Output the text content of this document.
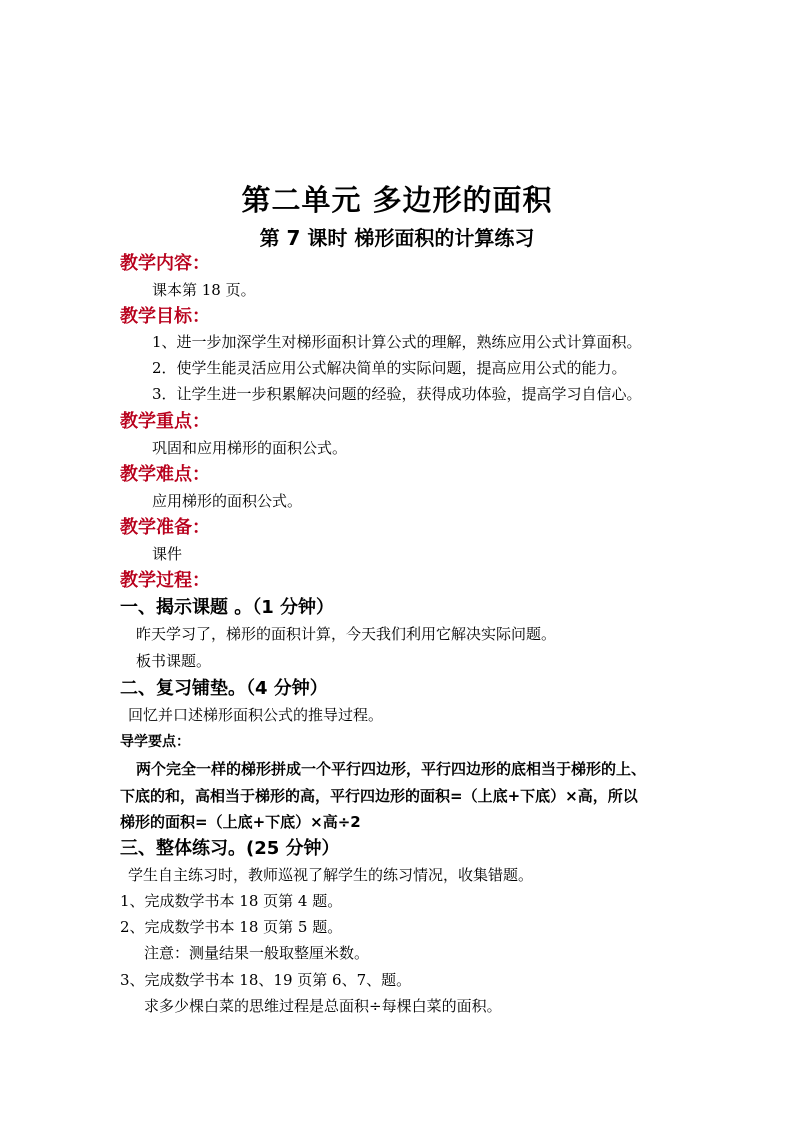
第二单元 多边形的面积
第 7 课时 梯形面积的计算练习
教学内容：
课本第 18 页。
教学目标：
1、进一步加深学生对梯形面积计算公式的理解，熟练应用公式计算面积。
2．使学生能灵活应用公式解决简单的实际问题，提高应用公式的能力。
3．让学生进一步积累解决问题的经验，获得成功体验，提高学习自信心。
教学重点：
巩固和应用梯形的面积公式。
教学难点：
应用梯形的面积公式。
教学准备：
课件
教学过程：
一、揭示课题 。（1 分钟）
昨天学习了，梯形的面积计算，今天我们利用它解决实际问题。
板书课题。
二、复习铺垫。（4 分钟）
回忆并口述梯形面积公式的推导过程。
导学要点：
两个完全一样的梯形拼成一个平行四边形，平行四边形的底相当于梯形的上、
下底的和，高相当于梯形的高，平行四边形的面积=（上底+下底）×高，所以
梯形的面积=（上底+下底）×高÷2
三、整体练习。(25 分钟）
学生自主练习时，教师巡视了解学生的练习情况，收集错题。
1、完成数学书本 18 页第 4 题。
2、完成数学书本 18 页第 5 题。
注意：测量结果一般取整厘米数。
3、完成数学书本 18、19 页第 6、7、题。
求多少棵白菜的思维过程是总面积÷每棵白菜的面积。
